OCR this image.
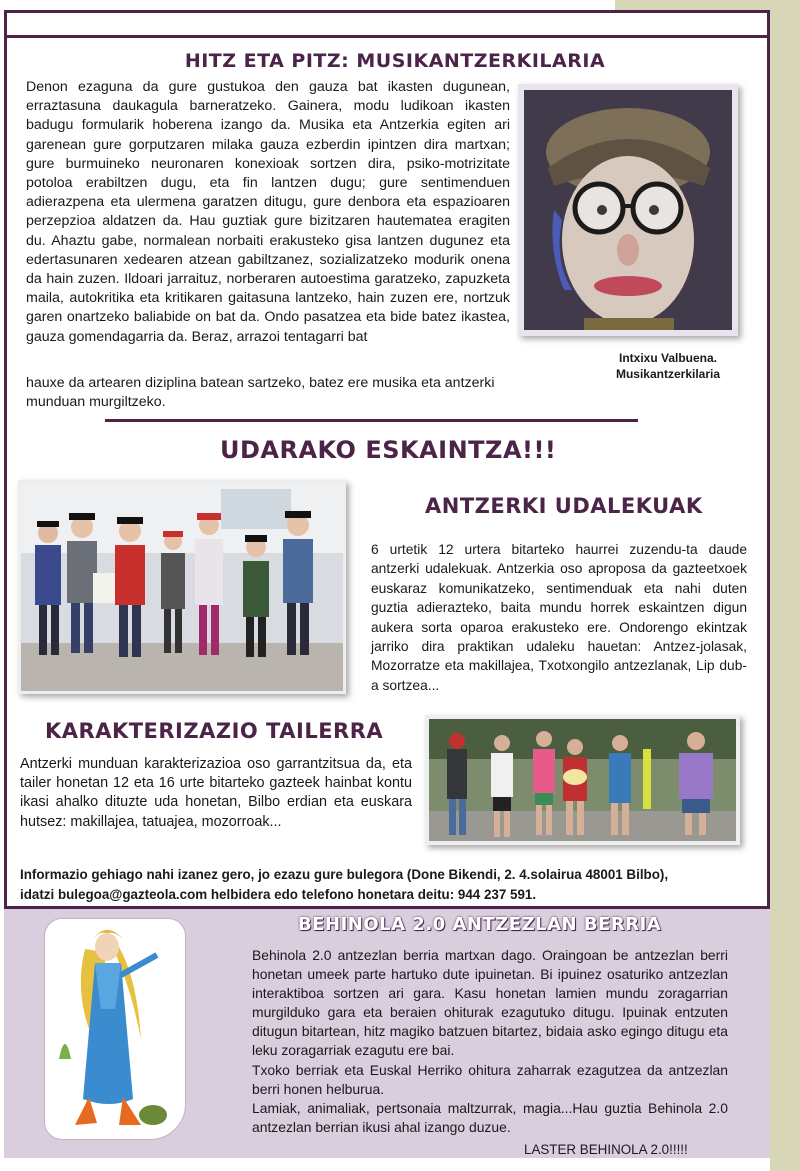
HITZ ETA PITZ: MUSIKANTZERKILARIA
Denon ezaguna da gure gustukoa den gauza bat ikasten dugunean, erraztasuna daukagula barneratzeko. Gainera, modu ludikoan ikasten badugu formularik hoberena izango da. Musika eta Antzerkia egiten ari garenean gure gorputzaren milaka gauza ezberdin ipintzen dira martxan; gure burmuineko neuronaren konexioak sortzen dira, psiko-motrizitate potoloa erabiltzen dugu, eta fin lantzen dugu; gure sentimenduen adierazpena eta ulermena garatzen ditugu, gure denbora eta espazioaren perzepzioa aldatzen da. Hau guztiak gure bizitzaren hautematea eragiten du. Ahaztu gabe, normalean norbaiti erakusteko gisa lantzen dugunez eta edertasunaren xedearen atzean gabiltzanez, sozializatzeko modurik onena da hain zuzen. Ildoari jarraituz, norberaren autoestima garatzeko, zapuzketa maila, autokritika eta kritikaren gaitasuna lantzeko, hain zuzen ere, nortzuk garen onartzeko baliabide on bat da. Ondo pasatzea eta bide batez ikastea, gauza gomendagarria da. Beraz, arrazoi tentagarri bat
hauxe da artearen diziplina batean sartzeko, batez ere musika eta antzerki munduan murgiltzeko.
Intxixu Valbuena.
Musikantzerkilaria
UDARAKO ESKAINTZA!!!
ANTZERKI UDALEKUAK
6 urtetik 12 urtera bitarteko haurrei zuzendu-ta daude antzerki udalekuak. Antzerkia oso aproposa da gazteetxoek euskaraz komunikatzeko, sentimenduak eta nahi duten guztia adierazteko, baita mundu horrek eskaintzen digun aukera sorta oparoa erakusteko ere. Ondorengo ekintzak jarriko dira praktikan udaleku hauetan: Antzez-jolasak, Mozorratze eta makillajea, Txotxongilo antzezlanak, Lip dub-a sortzea...
KARAKTERIZAZIO TAILERRA
Antzerki munduan karakterizazioa oso garrantzitsua da, eta tailer honetan 12 eta 16 urte bitarteko gazteek hainbat kontu ikasi ahalko dituzte uda honetan, Bilbo erdian eta euskara hutsez: makillajea, tatuajea, mozorroak...
Informazio gehiago nahi izanez gero, jo ezazu gure bulegora (Done Bikendi, 2. 4.solairua 48001 Bilbo),
idatzi bulegoa@gazteola.com helbidera edo telefono honetara deitu: 944 237 591.
BEHINOLA 2.0 ANTZEZLAN BERRIA

Behinola 2.0 antzezlan berria martxan dago. Oraingoan be antzezlan berri honetan umeek parte hartuko dute ipuinetan. Bi ipuinez osaturiko antzezlan interaktiboa sortzen ari gara. Kasu honetan lamien mundu zoragarrian murgilduko gara eta beraien ohiturak ezagutuko ditugu. Ipuinak entzuten ditugun bitartean, hitz magiko batzuen bitartez, bidaia asko egingo ditugu eta leku zoragarriak ezagutu ere bai.

Txoko berriak eta Euskal Herriko ohitura zaharrak ezagutzea da antzezlan berri honen helburua.

Lamiak, animaliak, pertsonaia maltzurrak, magia...Hau guztia Behinola 2.0 antzezlan berrian ikusi ahal izango duzue.

LASTER BEHINOLA 2.0!!!!!
